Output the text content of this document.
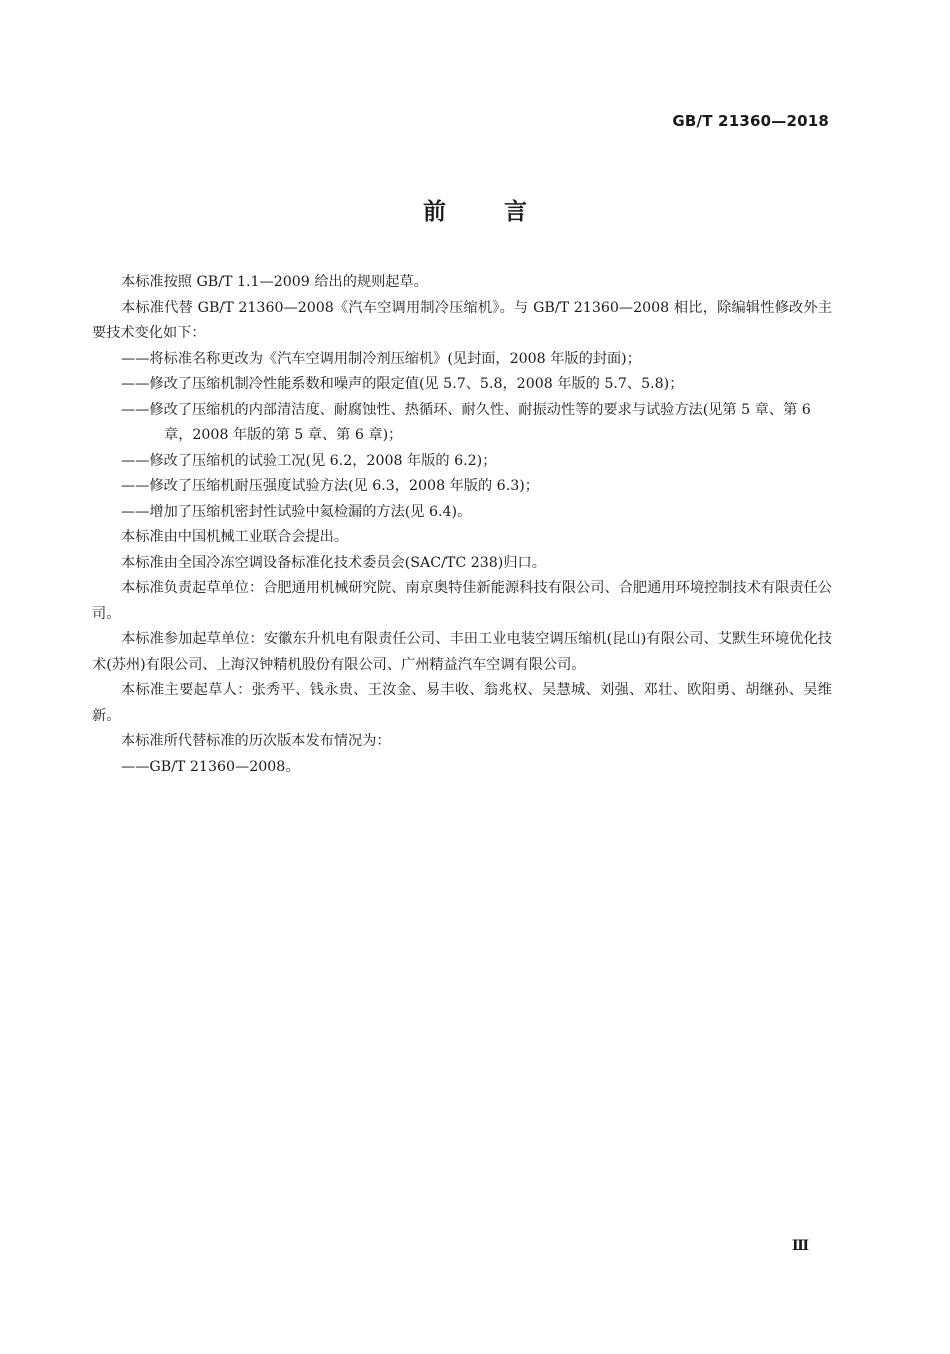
GB/T 21360—2018
前言

本标准按照 GB/T 1.1—2009 给出的规则起草。

本标准代替 GB/T 21360—2008《汽车空调用制冷压缩机》。与 GB/T 21360—2008 相比，除编辑性修改外主要技术变化如下：

——将标准名称更改为《汽车空调用制冷剂压缩机》(见封面，2008 年版的封面)；

——修改了压缩机制冷性能系数和噪声的限定值(见 5.7、5.8，2008 年版的 5.7、5.8)；

——修改了压缩机的内部清洁度、耐腐蚀性、热循环、耐久性、耐振动性等的要求与试验方法(见第 5 章、第 6 章，2008 年版的第 5 章、第 6 章)；

——修改了压缩机的试验工况(见 6.2，2008 年版的 6.2)；

——修改了压缩机耐压强度试验方法(见 6.3，2008 年版的 6.3)；

——增加了压缩机密封性试验中氦检漏的方法(见 6.4)。

本标准由中国机械工业联合会提出。

本标准由全国冷冻空调设备标准化技术委员会(SAC/TC 238)归口。

本标准负责起草单位：合肥通用机械研究院、南京奥特佳新能源科技有限公司、合肥通用环境控制技术有限责任公司。

本标准参加起草单位：安徽东升机电有限责任公司、丰田工业电装空调压缩机(昆山)有限公司、艾默生环境优化技术(苏州)有限公司、上海汉钟精机股份有限公司、广州精益汽车空调有限公司。

本标准主要起草人：张秀平、钱永贵、王汝金、易丰收、翁兆权、吴慧城、刘强、邓壮、欧阳勇、胡继孙、吴维新。

本标准所代替标准的历次版本发布情况为：

——GB/T 21360—2008。

Ⅲ
